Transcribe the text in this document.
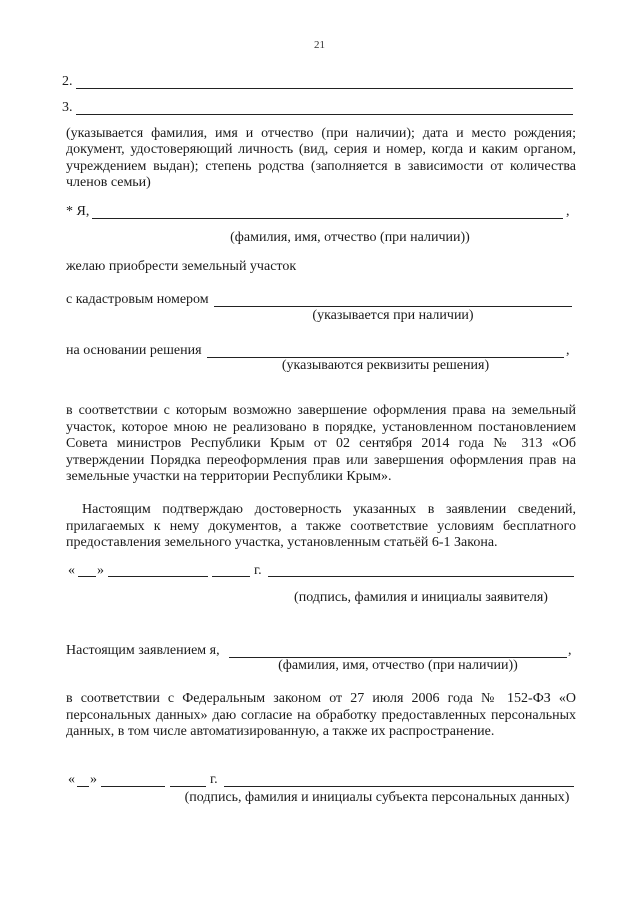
21
2.
3.
(указывается фамилия, имя и отчество (при наличии); дата и место рождения; документ, удостоверяющий личность (вид, серия и номер, когда и каким органом, учреждением выдан); степень родства (заполняется в зависимости от количества членов семьи)
* Я,	,
(фамилия, имя, отчество (при наличии))
желаю приобрести земельный участок
с кадастровым номером
(указывается при наличии)
на основании решения	,
(указываются реквизиты решения)
в соответствии с которым возможно завершение оформления права на земельный участок, которое мною не реализовано в порядке, установленном постановлением Совета министров Республики Крым от 02 сентября 2014 года № 313 «Об утверждении Порядка переоформления прав или завершения оформления прав на земельные участки на территории Республики Крым».
Настоящим подтверждаю достоверность указанных в заявлении сведений, прилагаемых к нему документов, а также соответствие условиям бесплатного предоставления земельного участка, установленным статьёй 6-1 Закона.
« »	г.
(подпись, фамилия и инициалы заявителя)
Настоящим заявлением я,	,
(фамилия, имя, отчество (при наличии))
в соответствии с Федеральным законом от 27 июля 2006 года № 152-ФЗ «О персональных данных» даю согласие на обработку предоставленных персональных данных, в том числе автоматизированную, а также их распространение.
« »	г.
(подпись, фамилия и инициалы субъекта персональных данных)
